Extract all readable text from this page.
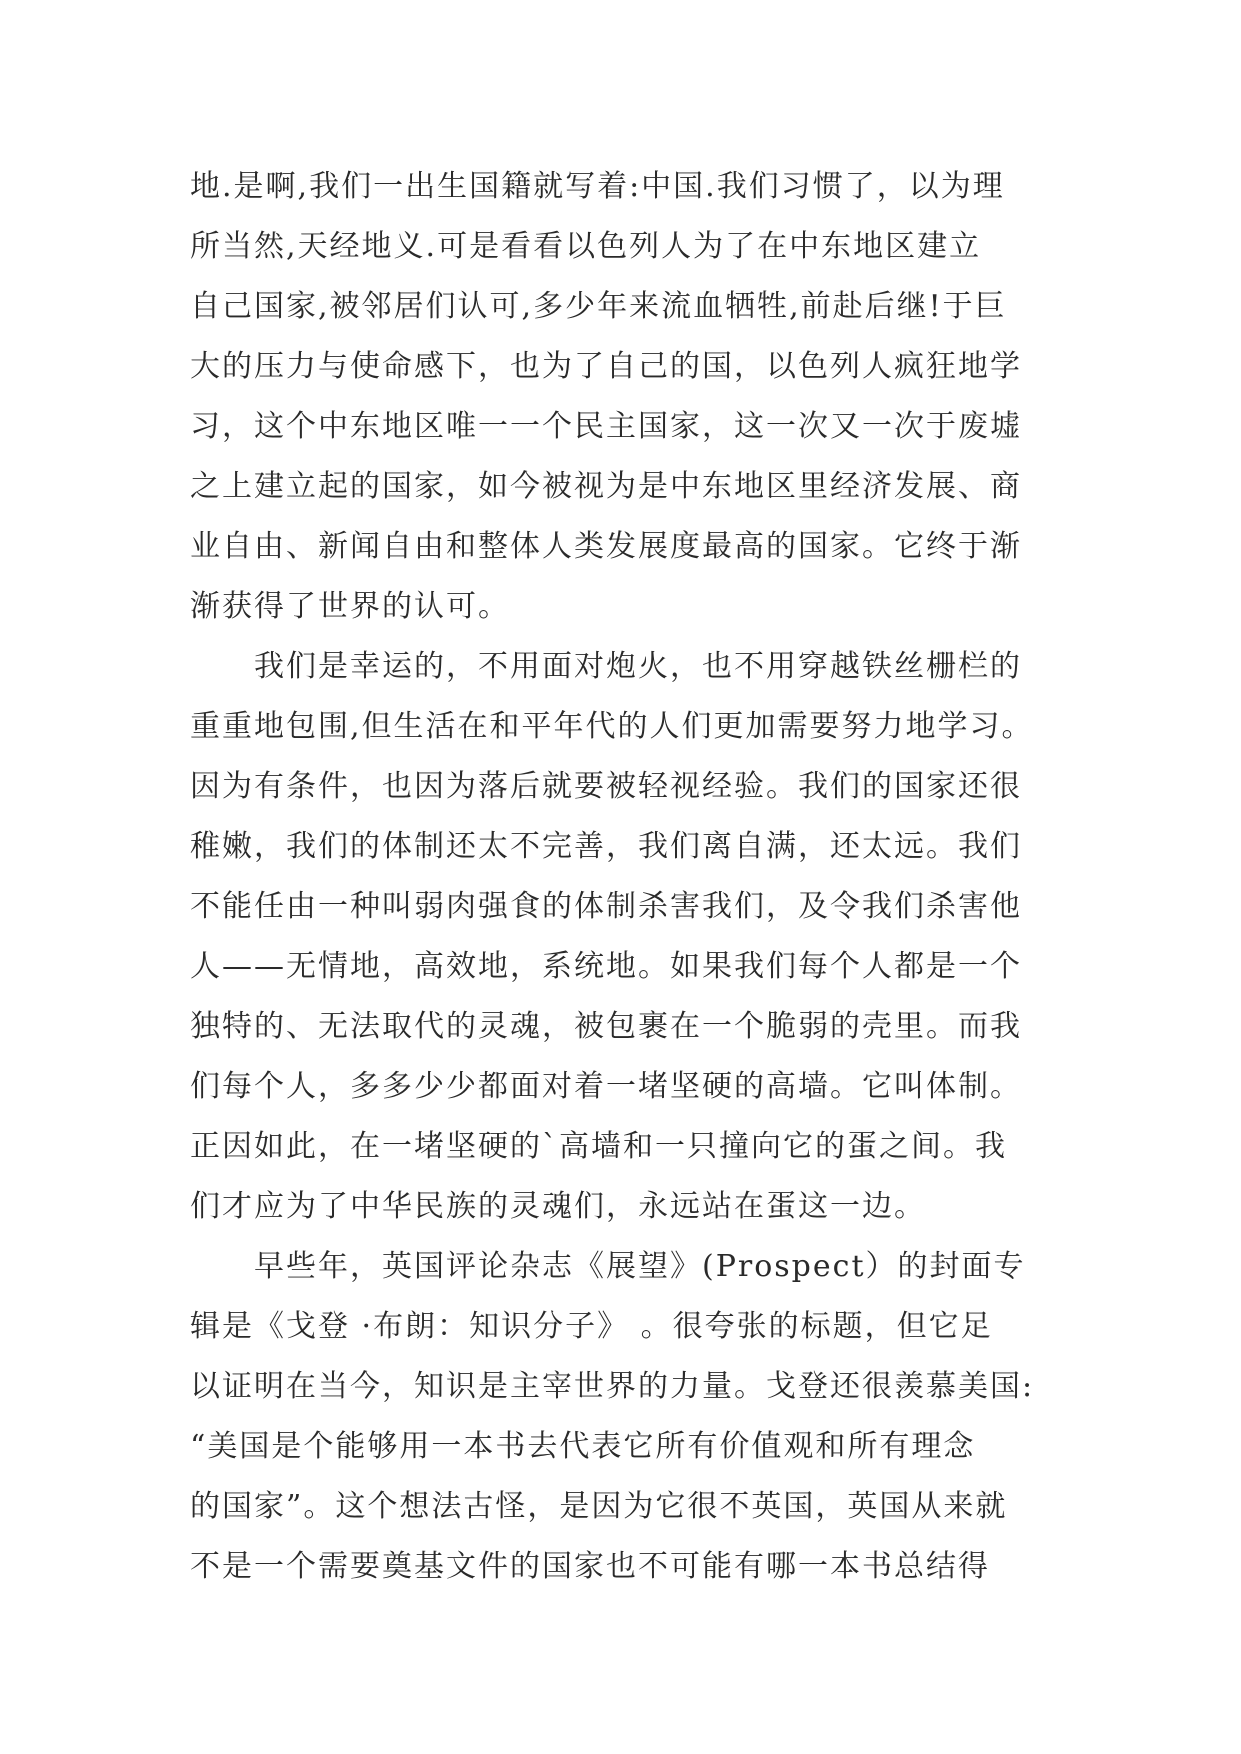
地.是啊,我们一出生国籍就写着:中国.我们习惯了，以为理
所当然,天经地义.可是看看以色列人为了在中东地区建立
自己国家,被邻居们认可,多少年来流血牺牲,前赴后继!于巨
大的压力与使命感下，也为了自己的国，以色列人疯狂地学
习，这个中东地区唯一一个民主国家，这一次又一次于废墟
之上建立起的国家，如今被视为是中东地区里经济发展、商
业自由、新闻自由和整体人类发展度最高的国家。它终于渐
渐获得了世界的认可。
　　我们是幸运的，不用面对炮火，也不用穿越铁丝栅栏的
重重地包围,但生活在和平年代的人们更加需要努力地学习。
因为有条件，也因为落后就要被轻视经验。我们的国家还很
稚嫩，我们的体制还太不完善，我们离自满，还太远。我们
不能任由一种叫弱肉强食的体制杀害我们，及令我们杀害他
人——无情地，高效地，系统地。如果我们每个人都是一个
独特的、无法取代的灵魂，被包裹在一个脆弱的壳里。而我
们每个人，多多少少都面对着一堵坚硬的高墙。它叫体制。
正因如此，在一堵坚硬的`高墙和一只撞向它的蛋之间。我
们才应为了中华民族的灵魂们，永远站在蛋这一边。
　　早些年，英国评论杂志《展望》(Prospect）的封面专
辑是《戈登 ·布朗：知识分子》 。很夸张的标题，但它足
以证明在当今，知识是主宰世界的力量。戈登还很羡慕美国:
“美国是个能够用一本书去代表它所有价值观和所有理念
的国家”。这个想法古怪，是因为它很不英国，英国从来就
不是一个需要奠基文件的国家也不可能有哪一本书总结得
